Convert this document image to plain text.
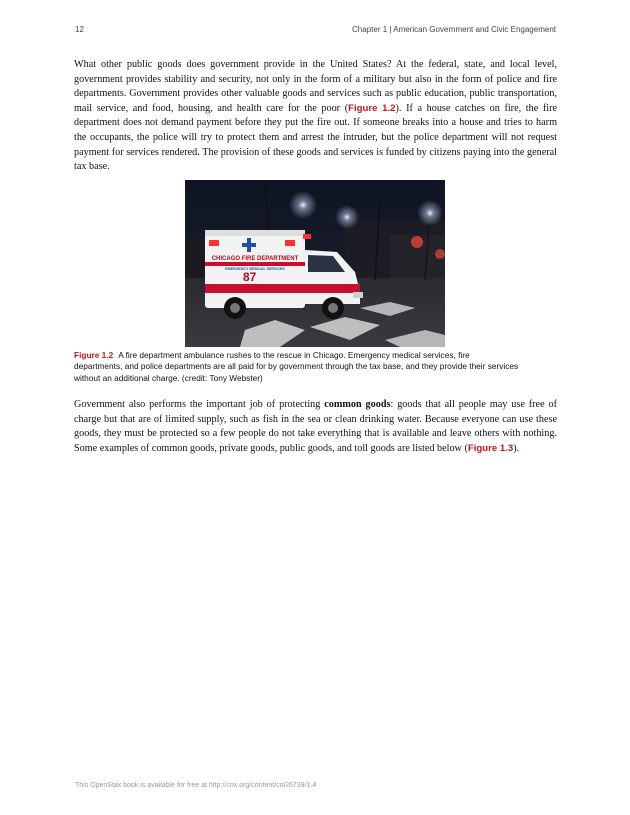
12	Chapter 1 | American Government and Civic Engagement

What other public goods does government provide in the United States? At the federal, state, and local level, government provides stability and security, not only in the form of a military but also in the form of police and fire departments. Government provides other valuable goods and services such as public education, public transportation, mail service, and food, housing, and health care for the poor (Figure 1.2). If a house catches on fire, the fire department does not demand payment before they put the fire out. If someone breaks into a house and tries to harm the occupants, the police will try to protect them and arrest the intruder, but the police department will not request payment for services rendered. The provision of these goods and services is funded by citizens paying into the general tax base.

CHICAGO FIRE DEPARTMENT
EMERGENCY MEDICAL SERVICES
87

Figure 1.2 A fire department ambulance rushes to the rescue in Chicago. Emergency medical services, fire departments, and police departments are all paid for by government through the tax base, and they provide their services without an additional charge. (credit: Tony Webster)

Government also performs the important job of protecting common goods: goods that all people may use free of charge but that are of limited supply, such as fish in the sea or clean drinking water. Because everyone can use these goods, they must be protected so a few people do not take everything that is available and leave others with nothing. Some examples of common goods, private goods, public goods, and toll goods are listed below (Figure 1.3).

This OpenStax book is available for free at http://cnx.org/content/col26739/1.4
